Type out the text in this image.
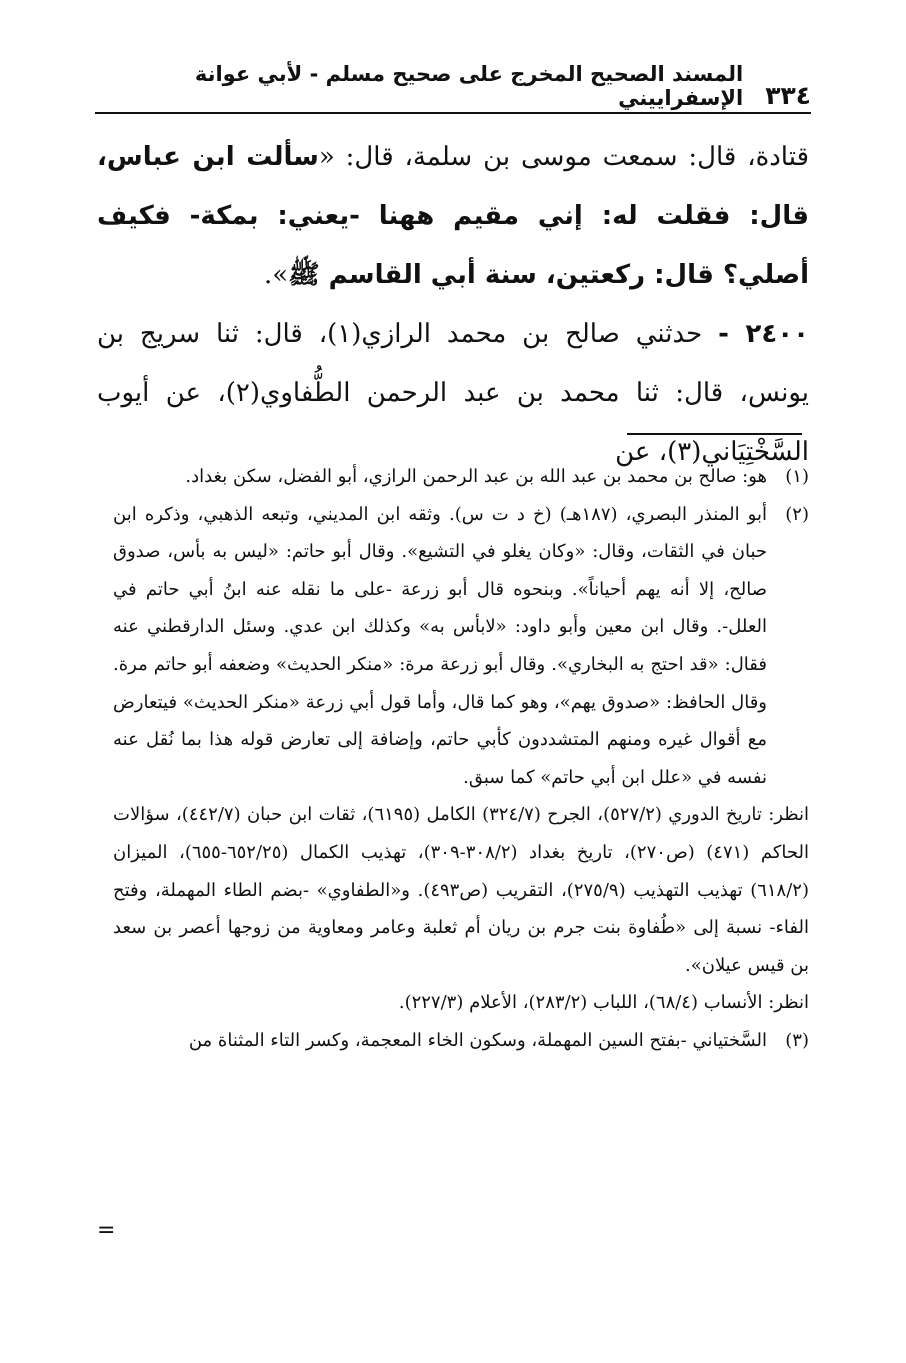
٣٣٤
المسند الصحيح المخرج على صحيح مسلم - لأبي عوانة الإسفراييني

قتادة، قال: سمعت موسى بن سلمة، قال: «سألت ابن عباس، قال: فقلت له: إني مقيم ههنا -يعني: بمكة- فكيف أصلي؟ قال: ركعتين، سنة أبي القاسم ﷺ».

٢٤٠٠ - حدثني صالح بن محمد الرازي(١)، قال: ثنا سريج بن يونس، قال: ثنا محمد بن عبد الرحمن الطُّفاوي(٢)، عن أيوب السَّخْتِيَاني(٣)، عن

(١)
هو: صالح بن محمد بن عبد الله بن عبد الرحمن الرازي، أبو الفضل، سكن بغداد.

(٢)
أبو المنذر البصري، (١٨٧هـ) (خ د ت س). وثقه ابن المديني، وتبعه الذهبي، وذكره ابن حبان في الثقات، وقال: «وكان يغلو في التشيع». وقال أبو حاتم: «ليس به بأس، صدوق صالح، إلا أنه يهم أحياناً». وبنحوه قال أبو زرعة -على ما نقله عنه ابنُ أبي حاتم في العلل-. وقال ابن معين وأبو داود: «لابأس به» وكذلك ابن عدي. وسئل الدارقطني عنه فقال: «قد احتج به البخاري». وقال أبو زرعة مرة: «منكر الحديث» وضعفه أبو حاتم مرة. وقال الحافظ: «صدوق يهم»، وهو كما قال، وأما قول أبي زرعة «منكر الحديث» فيتعارض مع أقوال غيره ومنهم المتشددون كأبي حاتم، وإضافة إلى تعارض قوله هذا بما نُقل عنه نفسه في «علل ابن أبي حاتم» كما سبق.

انظر: تاريخ الدوري (٥٢٧/٢)، الجرح (٣٢٤/٧) الكامل (٦١٩٥)، ثقات ابن حبان (٤٤٢/٧)، سؤالات الحاكم (٤٧١) (ص٢٧٠)، تاريخ بغداد (٣٠٨/٢-٣٠٩)، تهذيب الكمال (٦٥٢/٢٥-٦٥٥)، الميزان (٦١٨/٢) تهذيب التهذيب (٢٧٥/٩)، التقريب (ص٤٩٣). و«الطفاوي» -بضم الطاء المهملة، وفتح الفاء- نسبة إلى «طُفاوة بنت جرم بن ريان أم ثعلبة وعامر ومعاوية من زوجها أعصر بن سعد بن قيس عيلان».

انظر: الأنساب (٦٨/٤)، اللباب (٢٨٣/٢)، الأعلام (٢٢٧/٣).

(٣)
السَّختياني -بفتح السين المهملة، وسكون الخاء المعجمة، وكسر التاء المثناة من

=
